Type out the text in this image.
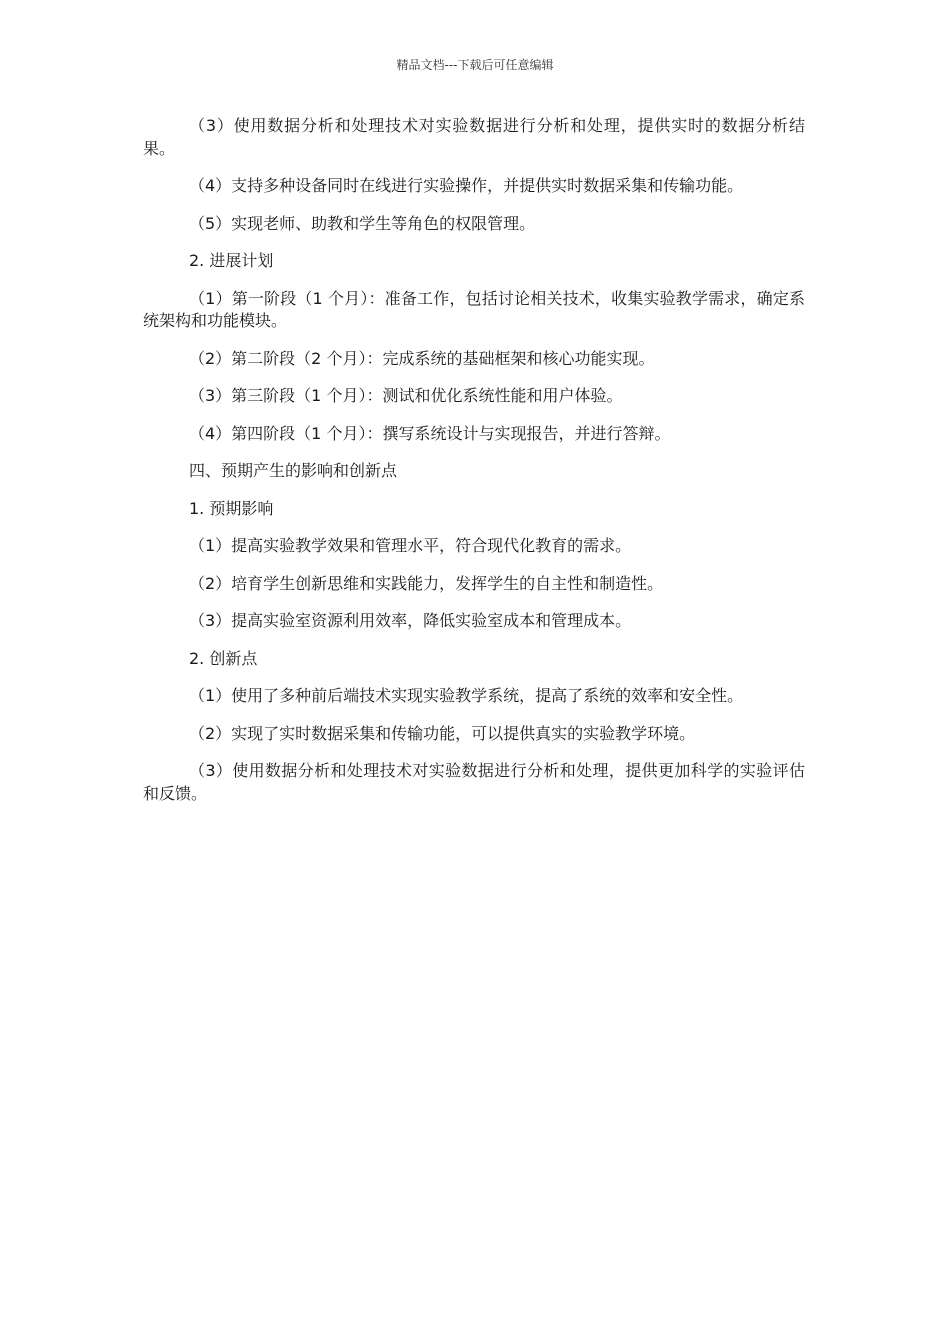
精品文档---下载后可任意编辑

（3）使用数据分析和处理技术对实验数据进行分析和处理，提供实时的数据分析结果。

（4）支持多种设备同时在线进行实验操作，并提供实时数据采集和传输功能。

（5）实现老师、助教和学生等角色的权限管理。

2. 进展计划

（1）第一阶段（1 个月）：准备工作，包括讨论相关技术，收集实验教学需求，确定系统架构和功能模块。

（2）第二阶段（2 个月）：完成系统的基础框架和核心功能实现。

（3）第三阶段（1 个月）：测试和优化系统性能和用户体验。

（4）第四阶段（1 个月）：撰写系统设计与实现报告，并进行答辩。

四、预期产生的影响和创新点

1. 预期影响

（1）提高实验教学效果和管理水平，符合现代化教育的需求。

（2）培育学生创新思维和实践能力，发挥学生的自主性和制造性。

（3）提高实验室资源利用效率，降低实验室成本和管理成本。

2. 创新点

（1）使用了多种前后端技术实现实验教学系统，提高了系统的效率和安全性。

（2）实现了实时数据采集和传输功能，可以提供真实的实验教学环境。

（3）使用数据分析和处理技术对实验数据进行分析和处理，提供更加科学的实验评估和反馈。
